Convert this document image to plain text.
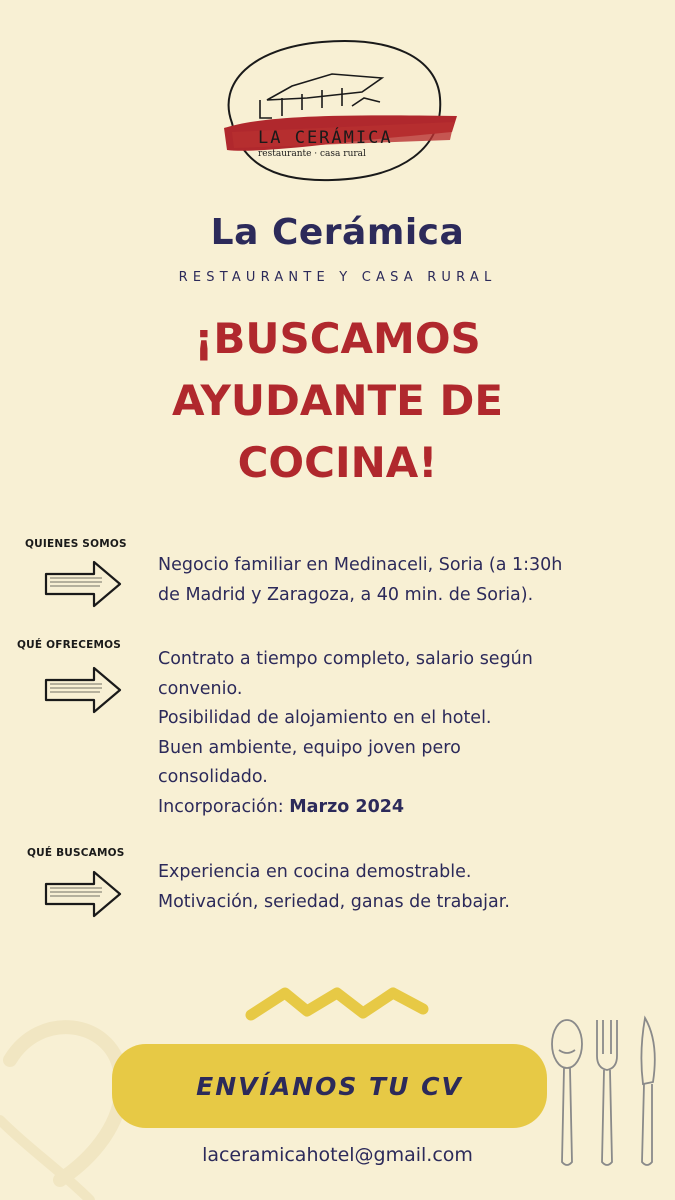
LA CERÁMICA
restaurante · casa rural
La Cerámica
RESTAURANTE Y CASA RURAL
¡BUSCAMOS
AYUDANTE DE
COCINA!
QUIENES SOMOS

Negocio familiar en Medinaceli, Soria (a 1:30h

de Madrid y Zaragoza, a 40 min. de Soria).

QUÉ OFRECEMOS

Contrato a tiempo completo, salario según

convenio.

Posibilidad de alojamiento en el hotel.

Buen ambiente, equipo joven pero

consolidado.

Incorporación: Marzo 2024

QUÉ BUSCAMOS

Experiencia en cocina demostrable.

Motivación, seriedad, ganas de trabajar.

ENVÍANOS TU CV
laceramicahotel@gmail.com
